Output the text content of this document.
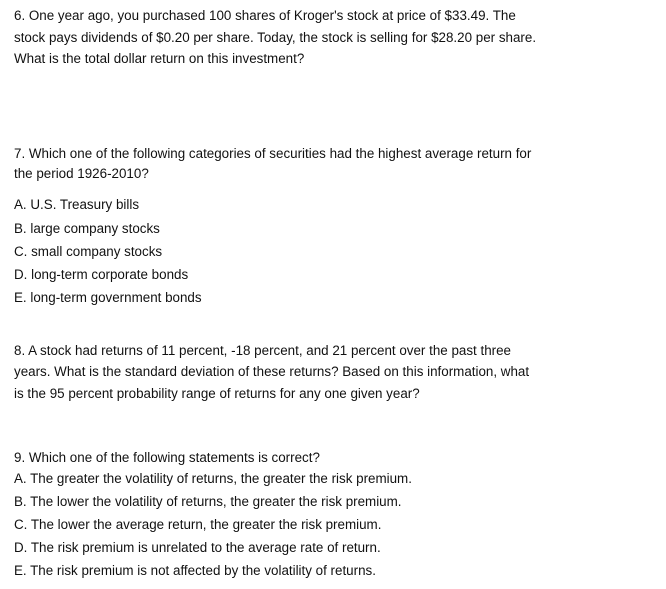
6. One year ago, you purchased 100 shares of Kroger's stock at price of $33.49. The
stock pays dividends of $0.20 per share. Today, the stock is selling for $28.20 per share.
What is the total dollar return on this investment?
7. Which one of the following categories of securities had the highest average return for
the period 1926-2010?
A. U.S. Treasury bills
B. large company stocks
C. small company stocks
D. long-term corporate bonds
E. long-term government bonds
8. A stock had returns of 11 percent, -18 percent, and 21 percent over the past three
years. What is the standard deviation of these returns? Based on this information, what
is the 95 percent probability range of returns for any one given year?
9. Which one of the following statements is correct?
A. The greater the volatility of returns, the greater the risk premium.
B. The lower the volatility of returns, the greater the risk premium.
C. The lower the average return, the greater the risk premium.
D. The risk premium is unrelated to the average rate of return.
E. The risk premium is not affected by the volatility of returns.
